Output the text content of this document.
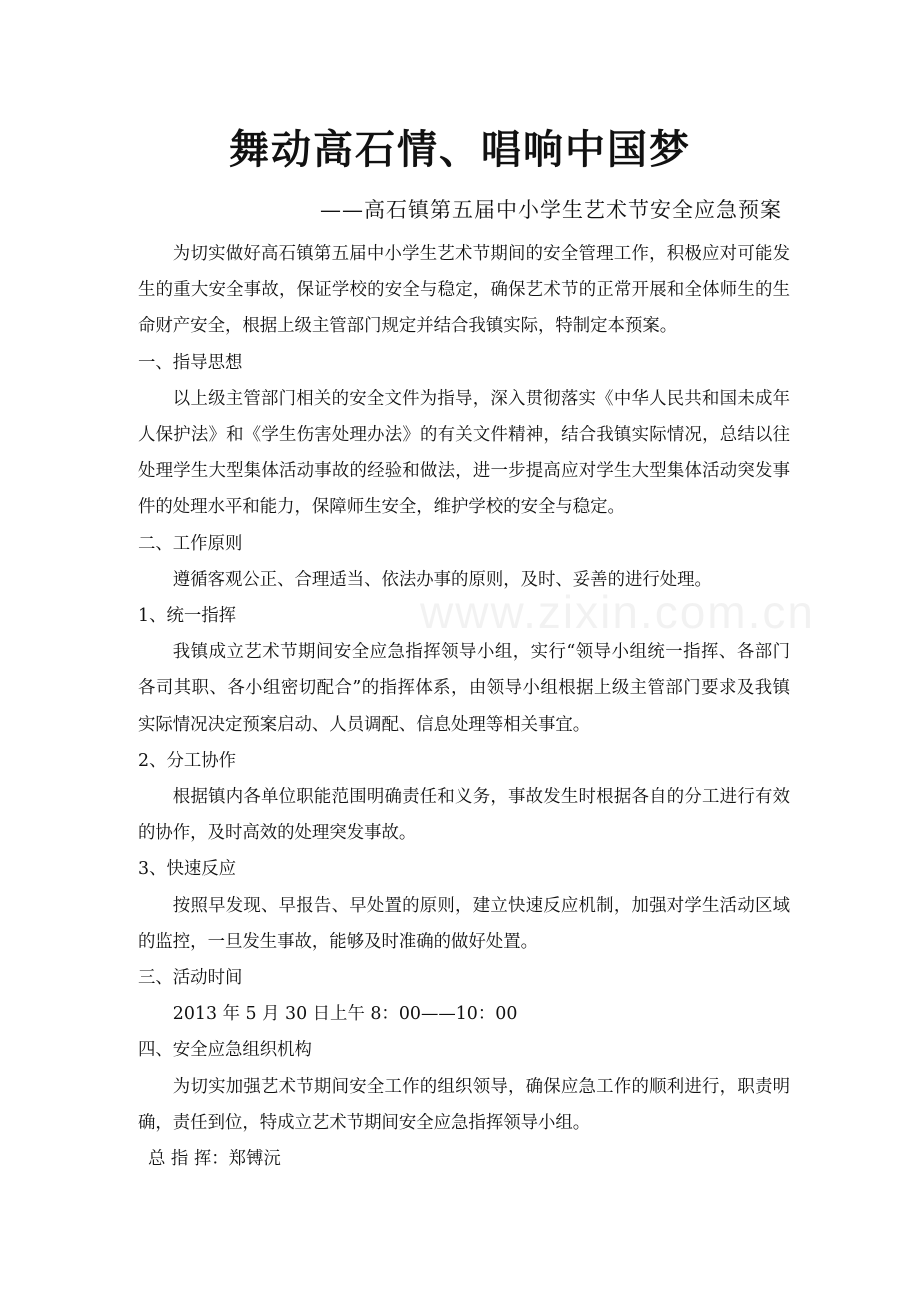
舞动高石情、唱响中国梦
——高石镇第五届中小学生艺术节安全应急预案

为切实做好高石镇第五届中小学生艺术节期间的安全管理工作，积极应对可能发生的重大安全事故，保证学校的安全与稳定，确保艺术节的正常开展和全体师生的生命财产安全，根据上级主管部门规定并结合我镇实际，特制定本预案。

一、指导思想

以上级主管部门相关的安全文件为指导，深入贯彻落实《中华人民共和国未成年人保护法》和《学生伤害处理办法》的有关文件精神，结合我镇实际情况，总结以往处理学生大型集体活动事故的经验和做法，进一步提高应对学生大型集体活动突发事件的处理水平和能力，保障师生安全，维护学校的安全与稳定。

二、工作原则

遵循客观公正、合理适当、依法办事的原则，及时、妥善的进行处理。

1、统一指挥

我镇成立艺术节期间安全应急指挥领导小组，实行“领导小组统一指挥、各部门各司其职、各小组密切配合”的指挥体系，由领导小组根据上级主管部门要求及我镇实际情况决定预案启动、人员调配、信息处理等相关事宜。

2、分工协作

根据镇内各单位职能范围明确责任和义务，事故发生时根据各自的分工进行有效的协作，及时高效的处理突发事故。

3、快速反应

按照早发现、早报告、早处置的原则，建立快速反应机制，加强对学生活动区域的监控，一旦发生事故，能够及时准确的做好处置。

三、活动时间

2013 年 5 月 30 日上午 8：00——10：00

四、安全应急组织机构

为切实加强艺术节期间安全工作的组织领导，确保应急工作的顺利进行，职责明确，责任到位，特成立艺术节期间安全应急指挥领导小组。

总 指 挥：郑镈沅

www.zixin.com.cn
